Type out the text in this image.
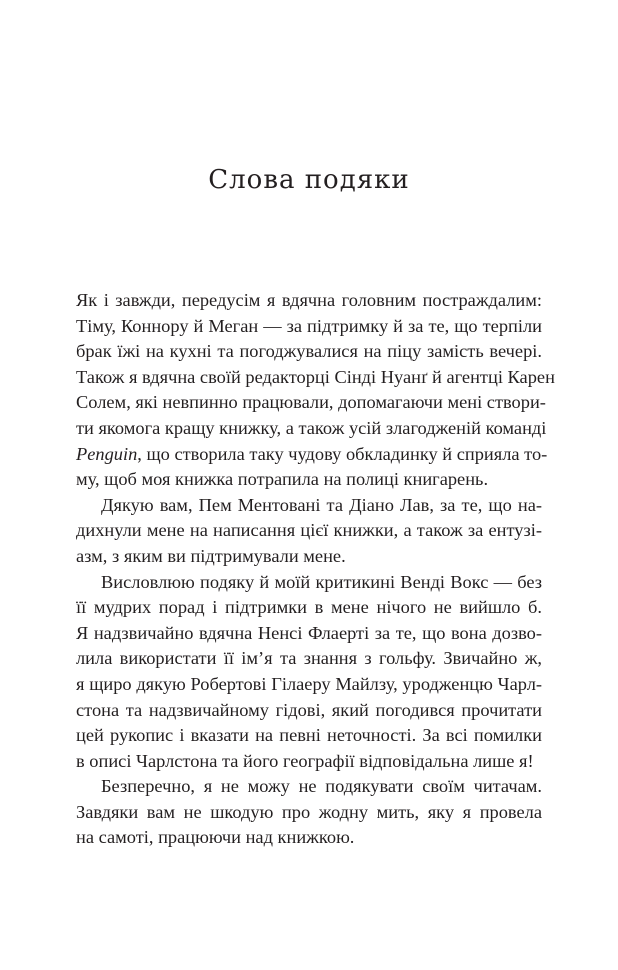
Слова подяки
Як і завжди, передусім я вдячна головним постраждалим:
Тіму, Коннору й Меган — за підтримку й за те, що терпіли
брак їжі на кухні та погоджувалися на піцу замість вечері.
Також я вдячна своїй редакторці Сінді Нуанґ й агентці Карен
Солем, які невпинно працювали, допомагаючи мені створи-
ти якомога кращу книжку, а також усій злагодженій команді
Penguin, що створила таку чудову обкладинку й сприяла то-
му, щоб моя книжка потрапила на полиці книгарень.
Дякую вам, Пем Ментовані та Діано Лав, за те, що на-
дихнули мене на написання цієї книжки, а також за ентузі-
азм, з яким ви підтримували мене.
Висловлюю подяку й моїй критикині Венді Вокс — без
її мудрих порад і підтримки в мене нічого не вийшло б.
Я надзвичайно вдячна Ненсі Флаерті за те, що вона дозво-
лила використати її ім’я та знання з гольфу. Звичайно ж,
я щиро дякую Робертові Гілаеру Майлзу, уродженцю Чарл-
стона та надзвичайному гідові, який погодився прочитати
цей рукопис і вказати на певні неточності. За всі помилки
в описі Чарлстона та його географії відповідальна лише я!
Безперечно, я не можу не подякувати своїм читачам.
Завдяки вам не шкодую про жодну мить, яку я провела
на самоті, працюючи над книжкою.
